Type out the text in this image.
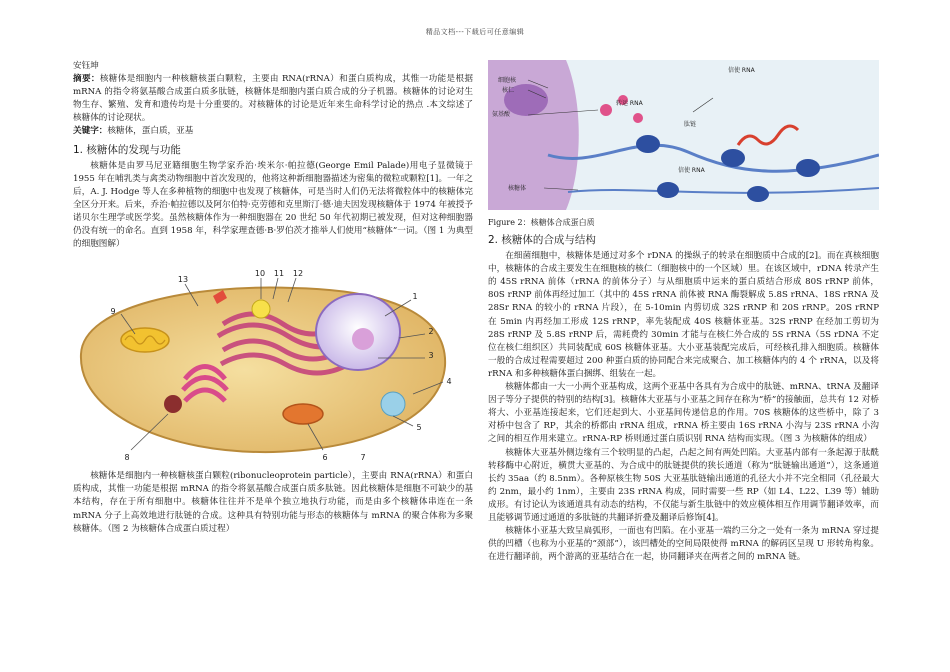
精品文档---下载后可任意编辑

安钰坤

摘要：核糖体是细胞内一种核糖核蛋白颗粒，主要由 RNA(rRNA）和蛋白质构成，其惟一功能是根据 mRNA 的指令将氨基酸合成蛋白质多肽链，核糖体是细胞内蛋白质合成的分子机器。核糖体的讨论对生物生存、繁殖、发育和遗传均是十分重要的。对核糖体的讨论是近年来生命科学讨论的热点 .本文综述了核糖体的讨论现状。

关键字：核糖体，蛋白质，亚基

1. 核糖体的发现与功能

核糖体是由罗马尼亚籍细胞生物学家乔治·埃米尔·帕拉德(George Emil Palade)用电子显微镜于 1955 年在哺乳类与禽类动物细胞中首次发现的，他将这种新细胞器描述为密集的微粒或颗粒[1]。一年之后，A. J. Hodge 等人在多种植物的细胞中也发现了核糖体，可是当时人们仍无法将微粒体中的核糖体完全区分开来。后来，乔治·帕拉德以及阿尔伯特·克劳德和克里斯汀·德·迪夫因发现核糖体于 1974 年被授予诺贝尔生理学或医学奖。虽然核糖体作为一种细胞器在 20 世纪 50 年代初期已被发现，但对这种细胞器仍没有统一的命名。直到 1958 年，科学家理查德·B·罗伯茨才推举人们使用“核糖体”一词。（图 1 为典型的细胞图解）

9
13
10 11 12
1
2
3
4
5
6	7
8

核糖体是细胞内一种核糖核蛋白颗粒(ribonucleoprotein particle），主要由 RNA(rRNA）和蛋白质构成，其惟一功能是根据 mRNA 的指令将氨基酸合成蛋白质多肽链。因此核糖体是细胞不可缺少的基本结构，存在于所有细胞中。核糖体往往并不是单个独立地执行功能，而是由多个核糖体串连在一条 mRNA 分子上高效地进行肽链的合成。这种具有特别功能与形态的核糖体与 mRNA 的聚合体称为多聚核糖体。（图 2 为核糖体合成蛋白质过程）

细胞核
核仁
氨基酸
转运 RNA
肽链
信使 RNA
信使 RNA
核糖体

Figure 2：核糖体合成蛋白质

2. 核糖体的合成与结构

在细菌细胞中，核糖体是通过对多个 rDNA 的操纵子的转录在细胞质中合成的[2]。而在真核细胞中，核糖体的合成主要发生在细胞核的核仁（细胞核中的一个区域）里。在该区域中，rDNA 转录产生的 45S rRNA 前体（rRNA 的前体分子）与从细胞质中运来的蛋白质结合形成 80S rRNP 前体，80S rRNP 前体再经过加工（其中的 45S rRNA 前体被 RNA 酶裂解成 5.8S rRNA、18S rRNA 及 28Sr RNA 的较小的 rRNA 片段），在 5-10min 内剪切成 32S rRNP 和 20S rRNP。20S rRNP 在 5min 内再经加工形成 12S rRNP，率先装配成 40S 核糖体亚基。32S rRNP 在经加工剪切为 28S rRNP 及 5.8S rRNP 后，需耗费约 30min 才能与在核仁外合成的 5S rRNA（5S rDNA 不定位在核仁组织区）共同装配成 60S 核糖体亚基。大小亚基装配完成后，可经核孔排入细胞质。核糖体一般的合成过程需要超过 200 种蛋白质的协同配合来完成聚合、加工核糖体内的 4 个 rRNA，以及将 rRNA 和多种核糖体蛋白捆绑、组装在一起。

核糖体都由一大一小两个亚基构成，这两个亚基中各具有为合成中的肽链、mRNA、tRNA 及翻译因子等分子提供的特别的结构[3]。核糖体大亚基与小亚基之间存在称为“桥”的接触面，总共有 12 对桥将大、小亚基连接起来，它们还起到大、小亚基间传递信息的作用。70S 核糖体的这些桥中，除了 3 对桥中包含了 RP，其余的桥都由 rRNA 组成，rRNA 桥主要由 16S rRNA 小沟与 23S rRNA 小沟之间的相互作用来建立。rRNA-RP 桥则通过蛋白质识别 RNA 结构而实现。（图 3 为核糖体的组成）

核糖体大亚基外侧边缘有三个较明显的凸起，凸起之间有两处凹陷。大亚基内部有一条起源于肽酰转移酶中心附近，横贯大亚基的、为合成中的肽链提供的狭长通道（称为“肽链输出通道”），这条通道长约 35aa（约 8.5nm）。各种原核生物 50S 大亚基肽链输出通道的孔径大小并不完全相同（孔径最大约 2nm，最小约 1nm），主要由 23S rRNA 构成，同时需要一些 RP（如 L4、L22、L39 等）辅助成形。有讨论认为该通道具有动态的结构，不仅能与新生肽链中的效应模体相互作用调节翻译效率，而且能够调节通过通道的多肽链的共翻译折叠及翻译后修饰[4]。

核糖体小亚基大致呈扁弧形，一面也有凹陷。在小亚基一端约三分之一处有一条为 mRNA 穿过提供的凹槽（也称为小亚基的“颈部”），该凹槽处的空间局限使得 mRNA 的解码区呈现 U 形转角构象。在进行翻译前，两个游离的亚基结合在一起，协同翻译夹在两者之间的 mRNA 链。
